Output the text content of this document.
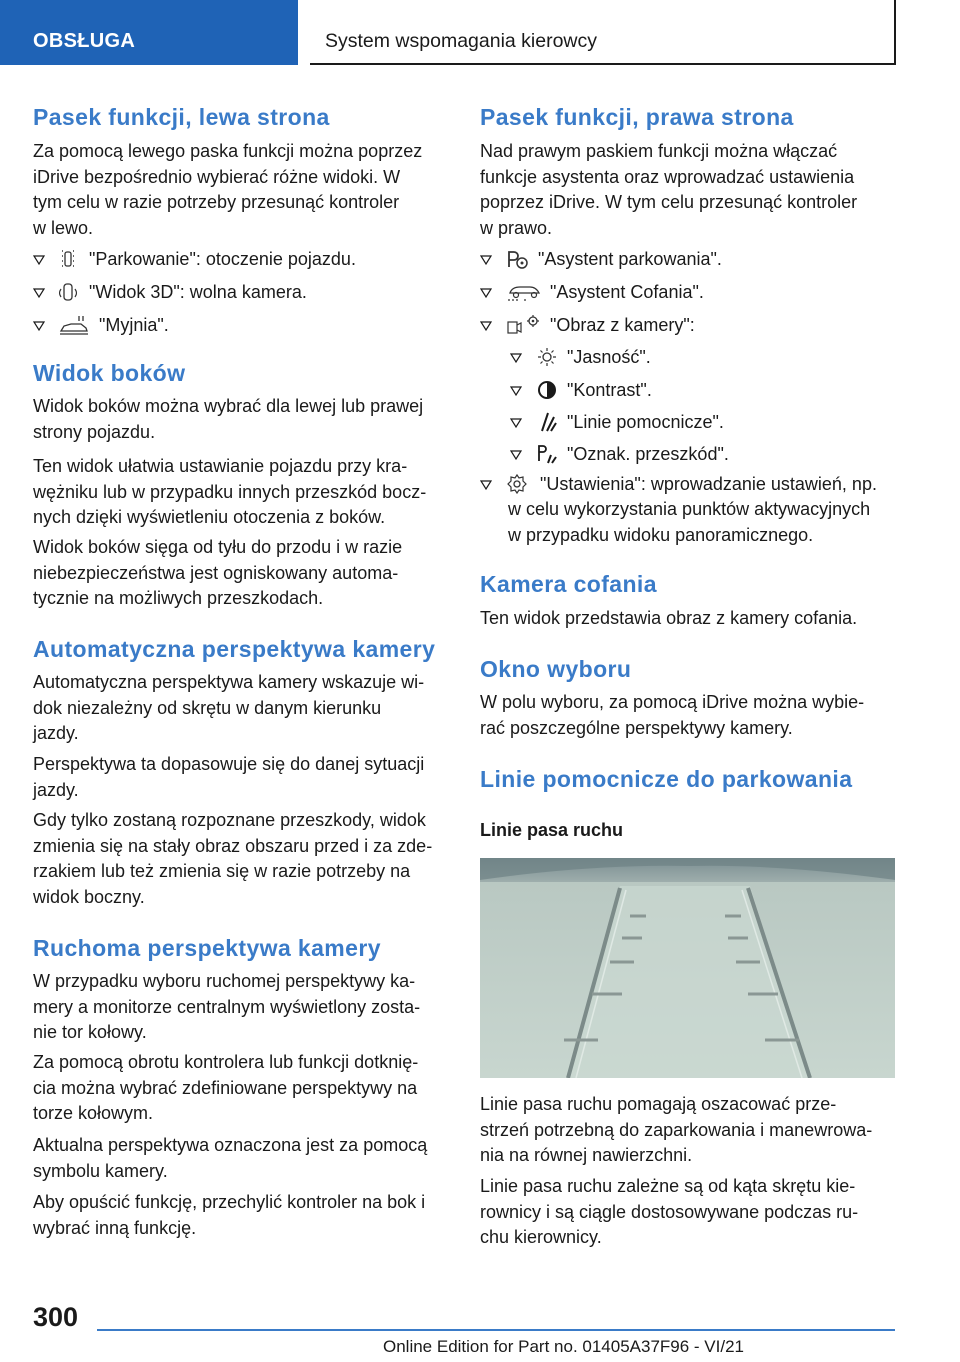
OBSŁUGA	System wspomagania kierowcy
Pasek funkcji, lewa strona
Za pomocą lewego paska funkcji można poprzez
iDrive bezpośrednio wybierać różne widoki. W
tym celu w razie potrzeby przesunąć kontroler
w lewo.
"Parkowanie": otoczenie pojazdu.
"Widok 3D": wolna kamera.
"Myjnia".
Widok boków
Widok boków można wybrać dla lewej lub prawej
strony pojazdu.
Ten widok ułatwia ustawianie pojazdu przy kra-
wężniku lub w przypadku innych przeszkód bocz-
nych dzięki wyświetleniu otoczenia z boków.
Widok boków sięga od tyłu do przodu i w razie
niebezpieczeństwa jest ogniskowany automa-
tycznie na możliwych przeszkodach.
Automatyczna perspektywa kamery
Automatyczna perspektywa kamery wskazuje wi-
dok niezależny od skrętu w danym kierunku
jazdy.
Perspektywa ta dopasowuje się do danej sytuacji
jazdy.
Gdy tylko zostaną rozpoznane przeszkody, widok
zmienia się na stały obraz obszaru przed i za zde-
rzakiem lub też zmienia się w razie potrzeby na
widok boczny.
Ruchoma perspektywa kamery
W przypadku wyboru ruchomej perspektywy ka-
mery a monitorze centralnym wyświetlony zosta-
nie tor kołowy.
Za pomocą obrotu kontrolera lub funkcji dotknię-
cia można wybrać zdefiniowane perspektywy na
torze kołowym.
Aktualna perspektywa oznaczona jest za pomocą
symbolu kamery.
Aby opuścić funkcję, przechylić kontroler na bok i
wybrać inną funkcję.
Pasek funkcji, prawa strona
Nad prawym paskiem funkcji można włączać
funkcje asystenta oraz wprowadzać ustawienia
poprzez iDrive. W tym celu przesunąć kontroler
w prawo.
"Asystent parkowania".
"Asystent Cofania".
"Obraz z kamery":
"Jasność".
"Kontrast".
"Linie pomocnicze".
"Oznak. przeszkód".
"Ustawienia": wprowadzanie ustawień, np.
w celu wykorzystania punktów aktywacyjnych
w przypadku widoku panoramicznego.
Kamera cofania
Ten widok przedstawia obraz z kamery cofania.
Okno wyboru
W polu wyboru, za pomocą iDrive można wybie-
rać poszczególne perspektywy kamery.
Linie pomocnicze do parkowania
Linie pasa ruchu
Linie pasa ruchu pomagają oszacować prze-
strzeń potrzebną do zaparkowania i manewrowa-
nia na równej nawierzchni.
Linie pasa ruchu zależne są od kąta skrętu kie-
rownicy i są ciągle dostosowywane podczas ru-
chu kierownicy.
300
Online Edition for Part no. 01405A37F96 - VI/21
